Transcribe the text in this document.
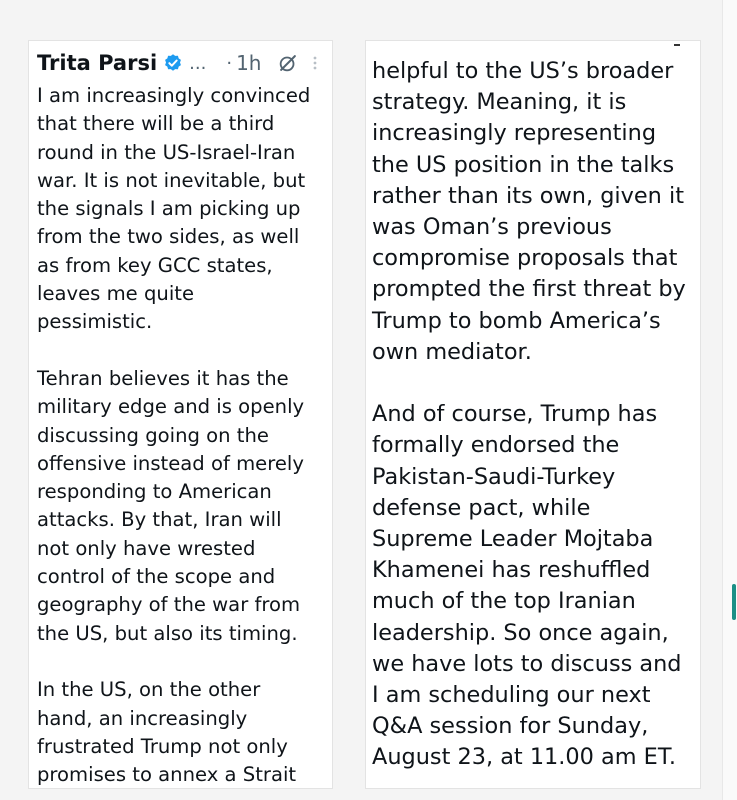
Trita Parsi ... · 1h

I am increasingly convinced
that there will be a third
round in the US-Israel-Iran
war. It is not inevitable, but
the signals I am picking up
from the two sides, as well
as from key GCC states,
leaves me quite
pessimistic.

Tehran believes it has the
military edge and is openly
discussing going on the
offensive instead of merely
responding to American
attacks. By that, Iran will
not only have wrested
control of the scope and
geography of the war from
the US, but also its timing.

In the US, on the other
hand, an increasingly
frustrated Trump not only
promises to annex a Strait

helpful to the US’s broader
strategy. Meaning, it is
increasingly representing
the US position in the talks
rather than its own, given it
was Oman’s previous
compromise proposals that
prompted the first threat by
Trump to bomb America’s
own mediator.

And of course, Trump has
formally endorsed the
Pakistan-Saudi-Turkey
defense pact, while
Supreme Leader Mojtaba
Khamenei has reshuffled
much of the top Iranian
leadership. So once again,
we have lots to discuss and
I am scheduling our next
Q&A session for Sunday,
August 23, at 11.00 am ET.
